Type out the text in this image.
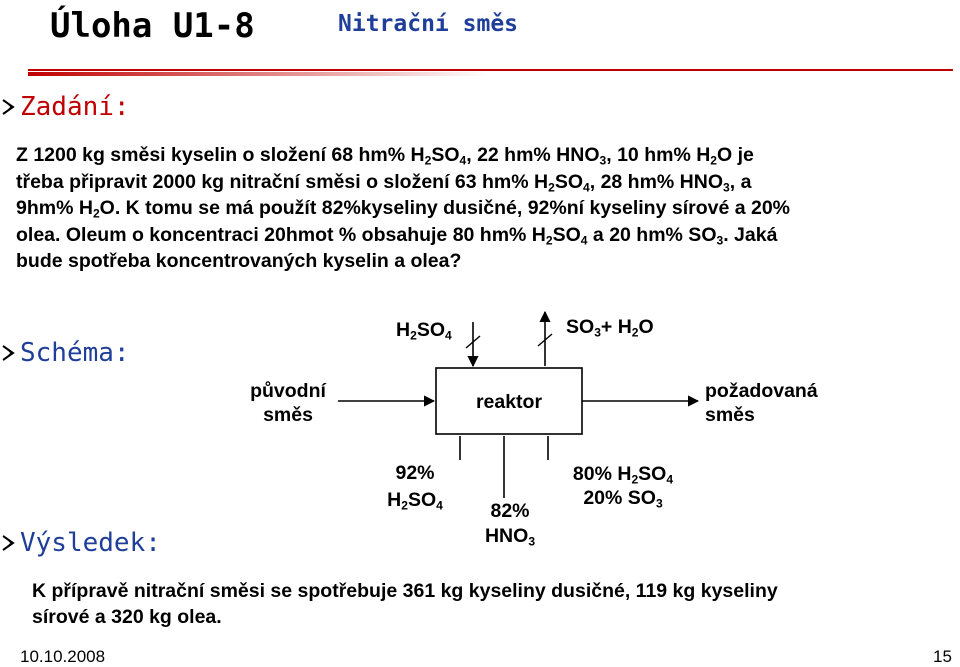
Úloha U1-8	Nitrační směs
Zadání:
Z 1200 kg směsi kyselin o složení 68 hm% $H_2SO_4$, 22 hm% $HNO_3$, 10 hm% $H_2O$ je
třeba připravit 2000 kg nitrační směsi o složení 63 hm% $H_2SO_4$, 28 hm% $HNO_3$, a
9hm% $H_2O$. K tomu se má použít 82%kyseliny dusičné, 92%ní kyseliny sírové a 20%
olea. Oleum o koncentraci 20hmot % obsahuje 80 hm% $H_2SO_4$ a 20 hm% $SO_3$. Jaká
bude spotřeba koncentrovaných kyselin a olea?
Schéma:
$H_2SO_4$	$SO_3+ H_2O$
původní
směs
reaktor	požadovaná
směs
Výsledek:
92%
$H_2SO_4$	82%
$HNO_3$
80% $H_2SO_4$
20% $SO_3$
K přípravě nitrační směsi se spotřebuje 361 kg kyseliny dusičné, 119 kg kyseliny
sírové a 320 kg olea.
10.10.2008	15
